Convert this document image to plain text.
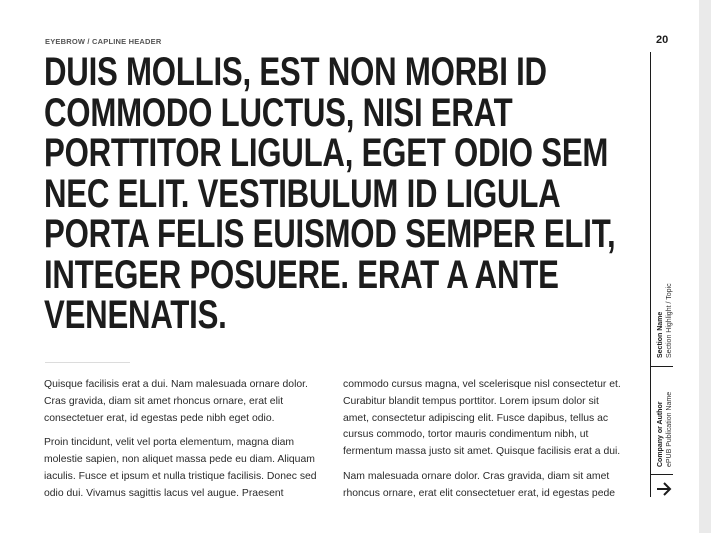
EYEBROW / CAPLINE HEADER
DUIS MOLLIS, EST NON MORBI ID COMMODO LUCTUS, NISI ERAT PORTTITOR LIGULA, EGET ODIO SEM NEC ELIT. VESTIBULUM ID LIGULA PORTA FELIS EUISMOD SEMPER ELIT, INTEGER POSUERE. ERAT A ANTE VENENATIS.

Quisque facilisis erat a dui. Nam malesuada ornare dolor. Cras gravida, diam sit amet rhoncus ornare, erat elit consectetuer erat, id egestas pede nibh eget odio.

Proin tincidunt, velit vel porta elementum, magna diam molestie sapien, non aliquet massa pede eu diam. Aliquam iaculis. Fusce et ipsum et nulla tristique facilisis. Donec sed odio dui. Vivamus sagittis lacus vel augue. Praesent

commodo cursus magna, vel scelerisque nisl consectetur et. Curabitur blandit tempus porttitor. Lorem ipsum dolor sit amet, consectetur adipiscing elit. Fusce dapibus, tellus ac cursus commodo, tortor mauris condimentum nibh, ut fermentum massa justo sit amet. Quisque facilisis erat a dui.

Nam malesuada ornare dolor. Cras gravida, diam sit amet rhoncus ornare, erat elit consectetuer erat, id egestas pede

20
Section Name Section Highlight / Topic
Company or Author ePUB Publication Name
